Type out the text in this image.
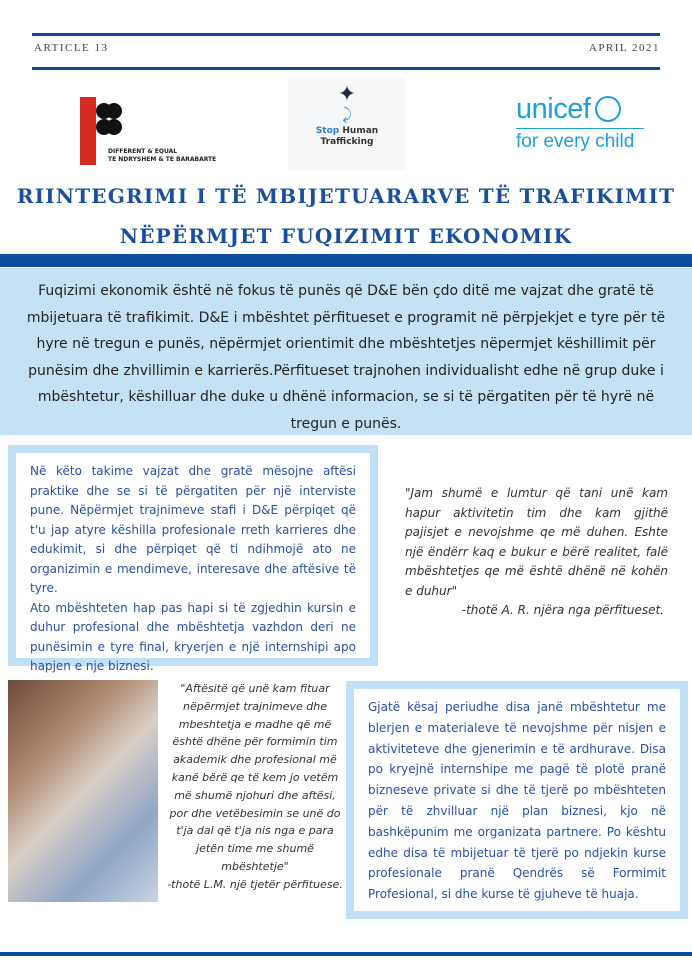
ARTICLE 13	APRIL 2021
DIFFERENT & EQUAL
TE NDRYSHEM & TE BARABARTE
✦
⤸
Stop Human
Trafficking
unicef
for every child
RIINTEGRIMI I TË MBIJETUARARVE TË TRAFIKIMIT
NËPËRMJET FUQIZIMIT EKONOMIK
Fuqizimi ekonomik është në fokus të punës që D&E bën çdo ditë me vajzat dhe gratë të mbijetuara të trafikimit. D&E i mbështet përfitueset e programit në përpjekjet e tyre për të hyre në tregun e punës, nëpërmjet orientimit dhe mbështetjes nëpermjet këshillimit për punësim dhe zhvillimin e karrierës.Përfitueset trajnohen individualisht edhe në grup duke i mbështetur, këshilluar dhe duke u dhënë informacion, se si të përgatiten për të hyrë në tregun e punës.
Në këto takime vajzat dhe gratë mësojne aftësi praktike dhe se si të përgatiten për një interviste pune. Nëpërmjet trajnimeve stafi i D&E përpiqet që t'u jap atyre këshilla profesionale rreth karrieres dhe edukimit, si dhe përpiqet që ti ndihmojë ato ne organizimin e mendimeve, interesave dhe aftësive të tyre.
Ato mbështeten hap pas hapi si të zgjedhin kursin e duhur profesional dhe mbështetja vazhdon deri ne punësimin e tyre final, kryerjen e një internshipi apo hapjen e nje biznesi.
"Jam shumë e lumtur që tani unë kam hapur aktivitetin tim dhe kam gjithë pajisjet e nevojshme qe më duhen. Eshte një ëndërr kaq e bukur e bërë realitet, falë mbështetjes qe më është dhënë në kohën e duhur"
-thotë A. R. njëra nga përfitueset.
"Aftësitë që unë kam fituar nëpërmjet trajnimeve dhe mbeshtetja e madhe që më është dhëne për formimin tim akademik dhe profesional më kanë bërë qe të kem jo vetëm më shumë njohuri dhe aftësi, por dhe vetëbesimin se unë do t'ja dal që t'ja nis nga e para jetën time me shumë mbështetje"
-thotë L.M. një tjetër përfituese.
Gjatë kësaj periudhe disa janë mbështetur me blerjen e materialeve të nevojshme për nisjen e aktiviteteve dhe gjenerimin e të ardhurave. Disa po kryejnë internshipe me pagë të plotë pranë bizneseve private si dhe të tjerë po mbështeten për të zhvilluar një plan biznesi, kjo në bashkëpunim me organizata partnere. Po kështu edhe disa të mbijetuar të tjerë po ndjekin kurse profesionale pranë Qendrës së Formimit Profesional, si dhe kurse të gjuheve të huaja.
